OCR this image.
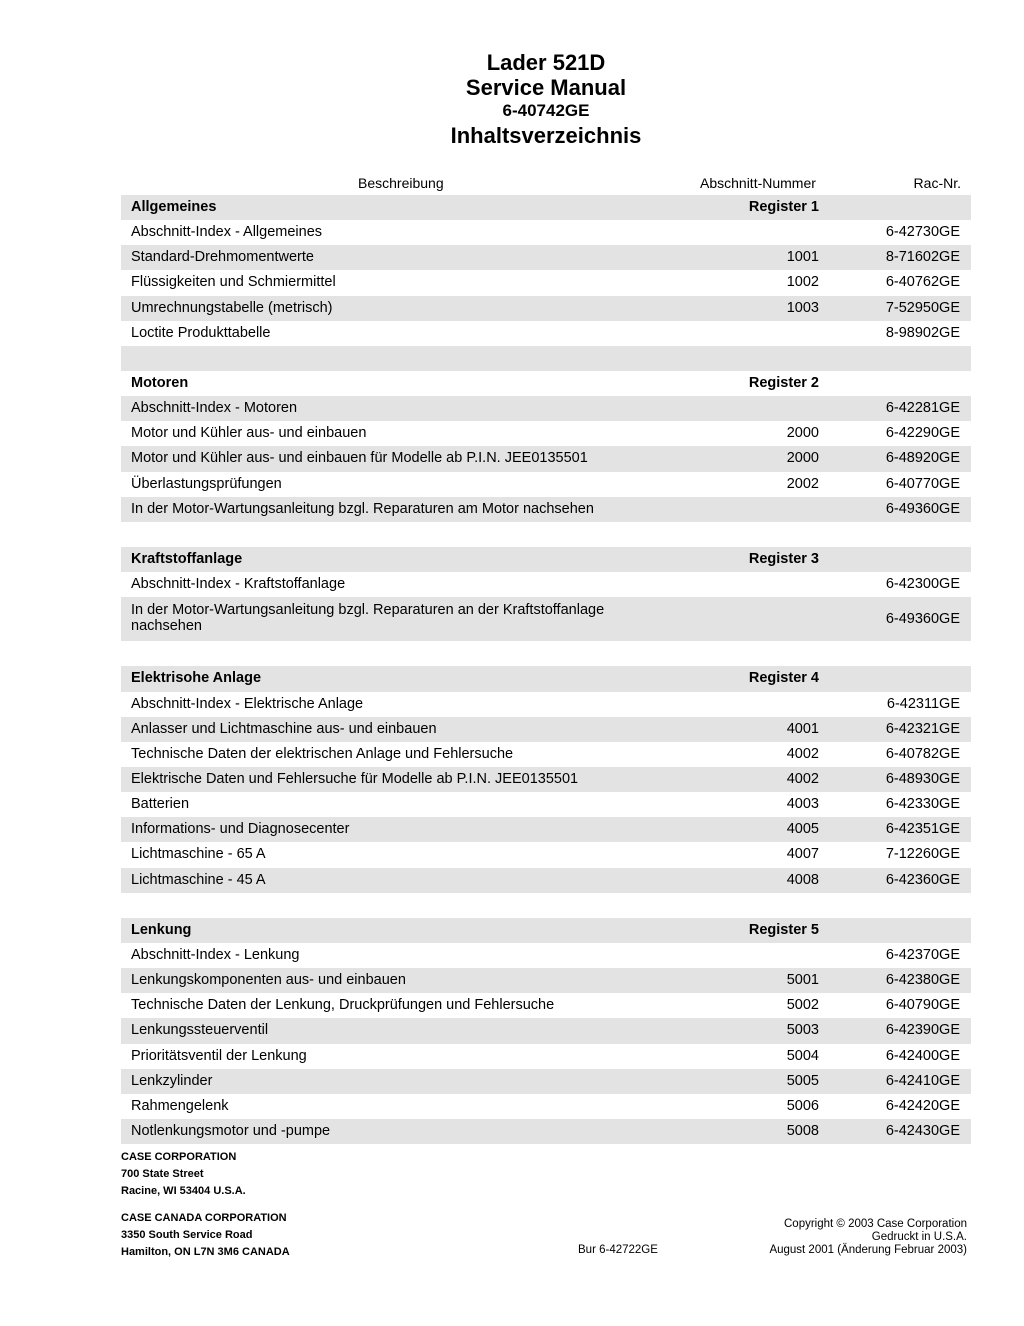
Lader 521D
Service Manual
6-40742GE
Inhaltsverzeichnis
Beschreibung	Abschnitt-Nummer	Rac-Nr.
Allgemeines	Register 1
Abschnitt-Index - Allgemeines	6-42730GE
Standard-Drehmomentwerte	1001	8-71602GE
Flüssigkeiten und Schmiermittel	1002	6-40762GE
Umrechnungstabelle (metrisch)	1003	7-52950GE
Loctite Produkttabelle	8-98902GE
Motoren	Register 2
Abschnitt-Index - Motoren	6-42281GE
Motor und Kühler aus- und einbauen	2000	6-42290GE
Motor und Kühler aus- und einbauen für Modelle ab P.I.N. JEE0135501	2000	6-48920GE
Überlastungsprüfungen	2002	6-40770GE
In der Motor-Wartungsanleitung bzgl. Reparaturen am Motor nachsehen	6-49360GE
Kraftstoffanlage	Register 3
Abschnitt-Index - Kraftstoffanlage	6-42300GE
In der Motor-Wartungsanleitung bzgl. Reparaturen an der Kraftstoffanlage nachsehen	6-49360GE
Elektrisohe Anlage	Register 4
Abschnitt-Index - Elektrische Anlage	6-42311GE
Anlasser und Lichtmaschine aus- und einbauen	4001	6-42321GE
Technische Daten der elektrischen Anlage und Fehlersuche	4002	6-40782GE
Elektrische Daten und Fehlersuche für Modelle ab P.I.N. JEE0135501	4002	6-48930GE
Batterien	4003	6-42330GE
Informations- und Diagnosecenter	4005	6-42351GE
Lichtmaschine - 65 A	4007	7-12260GE
Lichtmaschine - 45 A	4008	6-42360GE
Lenkung	Register 5
Abschnitt-Index - Lenkung	6-42370GE
Lenkungskomponenten aus- und einbauen	5001	6-42380GE
Technische Daten der Lenkung, Druckprüfungen und Fehlersuche	5002	6-40790GE
Lenkungssteuerventil	5003	6-42390GE
Prioritätsventil der Lenkung	5004	6-42400GE
Lenkzylinder	5005	6-42410GE
Rahmengelenk	5006	6-42420GE
Notlenkungsmotor und -pumpe	5008	6-42430GE
CASE CORPORATION
700 State Street
Racine, WI 53404 U.S.A.
CASE CANADA CORPORATION
3350 South Service Road
Hamilton, ON L7N 3M6 CANADA	Bur 6-42722GE
Copyright © 2003 Case Corporation
Gedruckt in U.S.A.
August 2001 (Änderung Februar 2003)
